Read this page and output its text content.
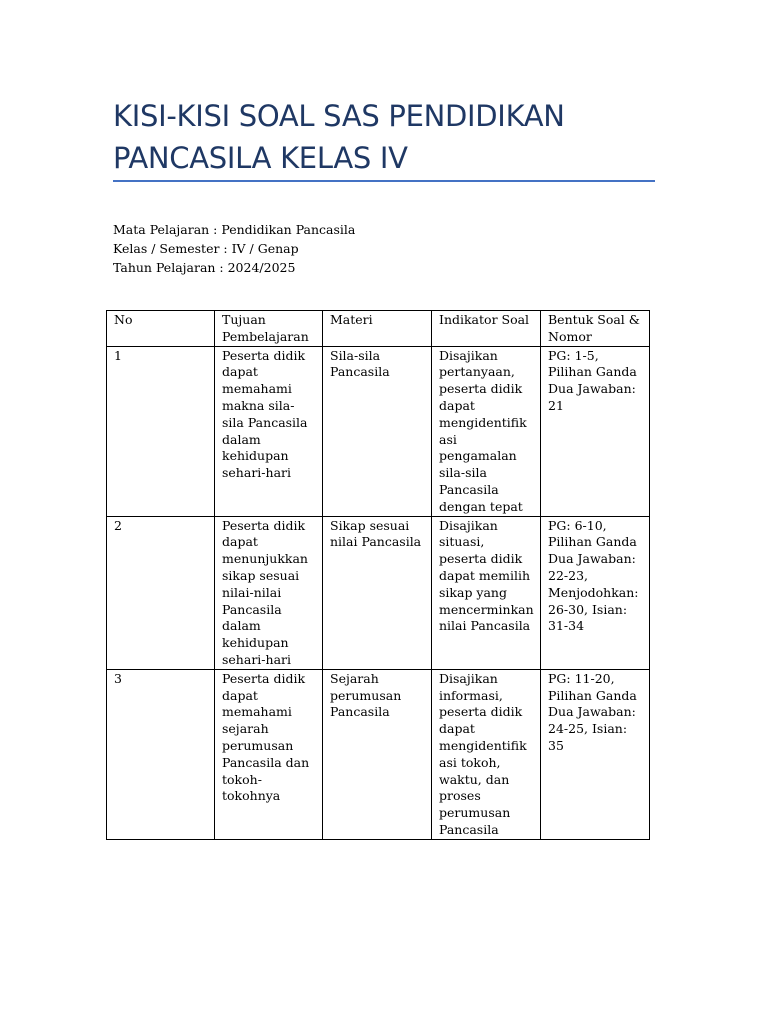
KISI-KISI SOAL SAS PENDIDIKAN PANCASILA KELAS IV
Mata Pelajaran : Pendidikan Pancasila
Kelas / Semester : IV / Genap
Tahun Pelajaran : 2024/2025
No	Tujuan Pembelajaran	Materi	Indikator Soal	Bentuk Soal & Nomor
1	Peserta didik dapat memahami makna sila-sila Pancasila dalam kehidupan sehari-hari	Sila-sila Pancasila	Disajikan pertanyaan, peserta didik dapat mengidentifikasi pengamalan sila-sila Pancasila dengan tepat	PG: 1-5, Pilihan Ganda Dua Jawaban: 21
2	Peserta didik dapat menunjukkan sikap sesuai nilai-nilai Pancasila dalam kehidupan sehari-hari	Sikap sesuai nilai Pancasila	Disajikan situasi, peserta didik dapat memilih sikap yang mencerminkan nilai Pancasila	PG: 6-10, Pilihan Ganda Dua Jawaban: 22-23, Menjodohkan: 26-30, Isian: 31-34
3	Peserta didik dapat memahami sejarah perumusan Pancasila dan tokoh-tokohnya	Sejarah perumusan Pancasila	Disajikan informasi, peserta didik dapat mengidentifikasi tokoh, waktu, dan proses perumusan Pancasila	PG: 11-20, Pilihan Ganda Dua Jawaban: 24-25, Isian: 35
